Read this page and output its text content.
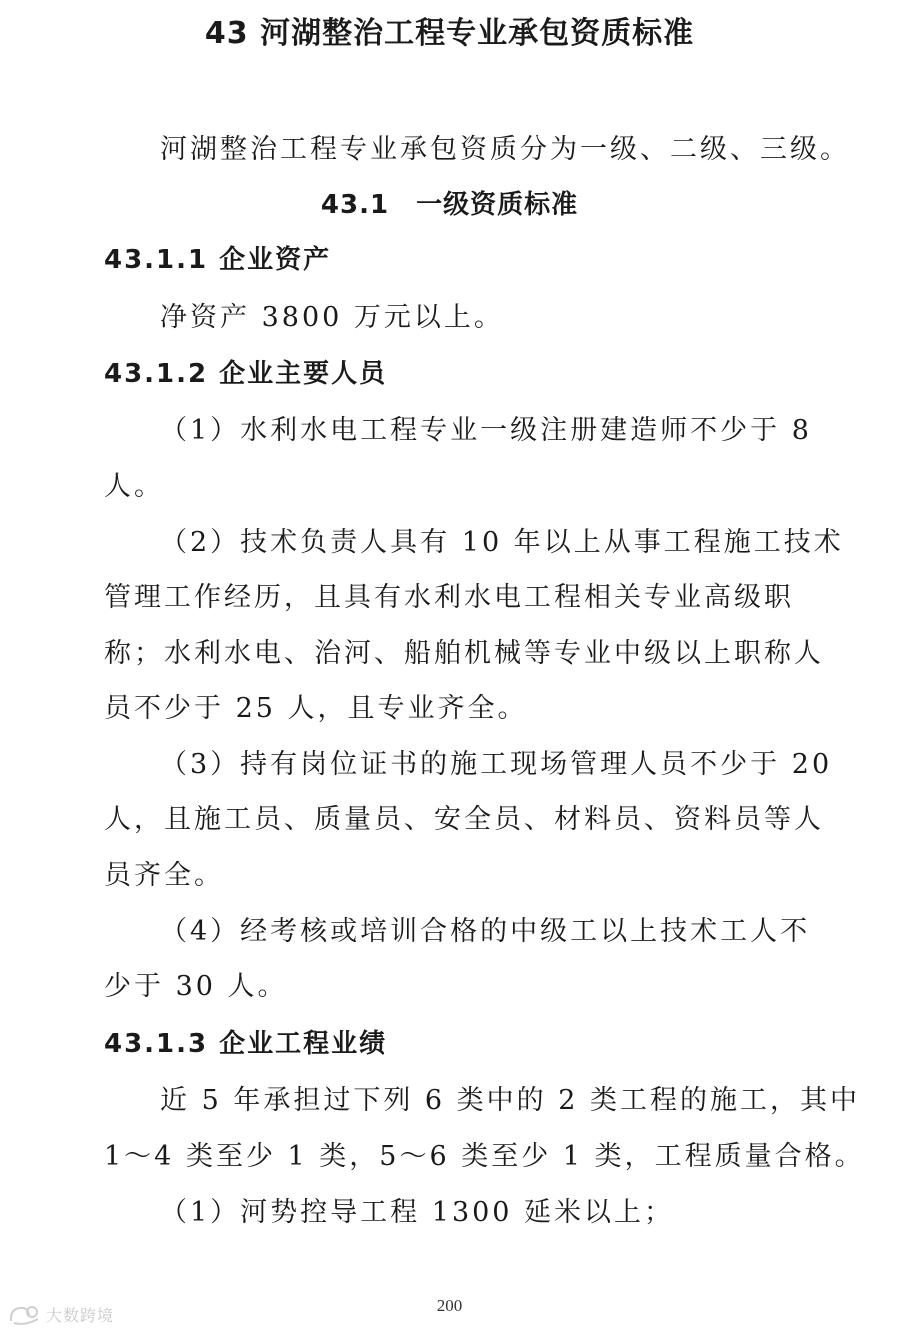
43 河湖整治工程专业承包资质标准

河湖整治工程专业承包资质分为一级、二级、三级。

43.1　一级资质标准

43.1.1 企业资产

净资产 3800 万元以上。

43.1.2 企业主要人员

（1）水利水电工程专业一级注册建造师不少于 8

人。

（2）技术负责人具有 10 年以上从事工程施工技术

管理工作经历，且具有水利水电工程相关专业高级职

称；水利水电、治河、船舶机械等专业中级以上职称人

员不少于 25 人，且专业齐全。

（3）持有岗位证书的施工现场管理人员不少于 20

人，且施工员、质量员、安全员、材料员、资料员等人

员齐全。

（4）经考核或培训合格的中级工以上技术工人不

少于 30 人。

43.1.3 企业工程业绩

近 5 年承担过下列 6 类中的 2 类工程的施工，其中

1～4 类至少 1 类，5～6 类至少 1 类，工程质量合格。

（1）河势控导工程 1300 延米以上；

200
大数跨境
